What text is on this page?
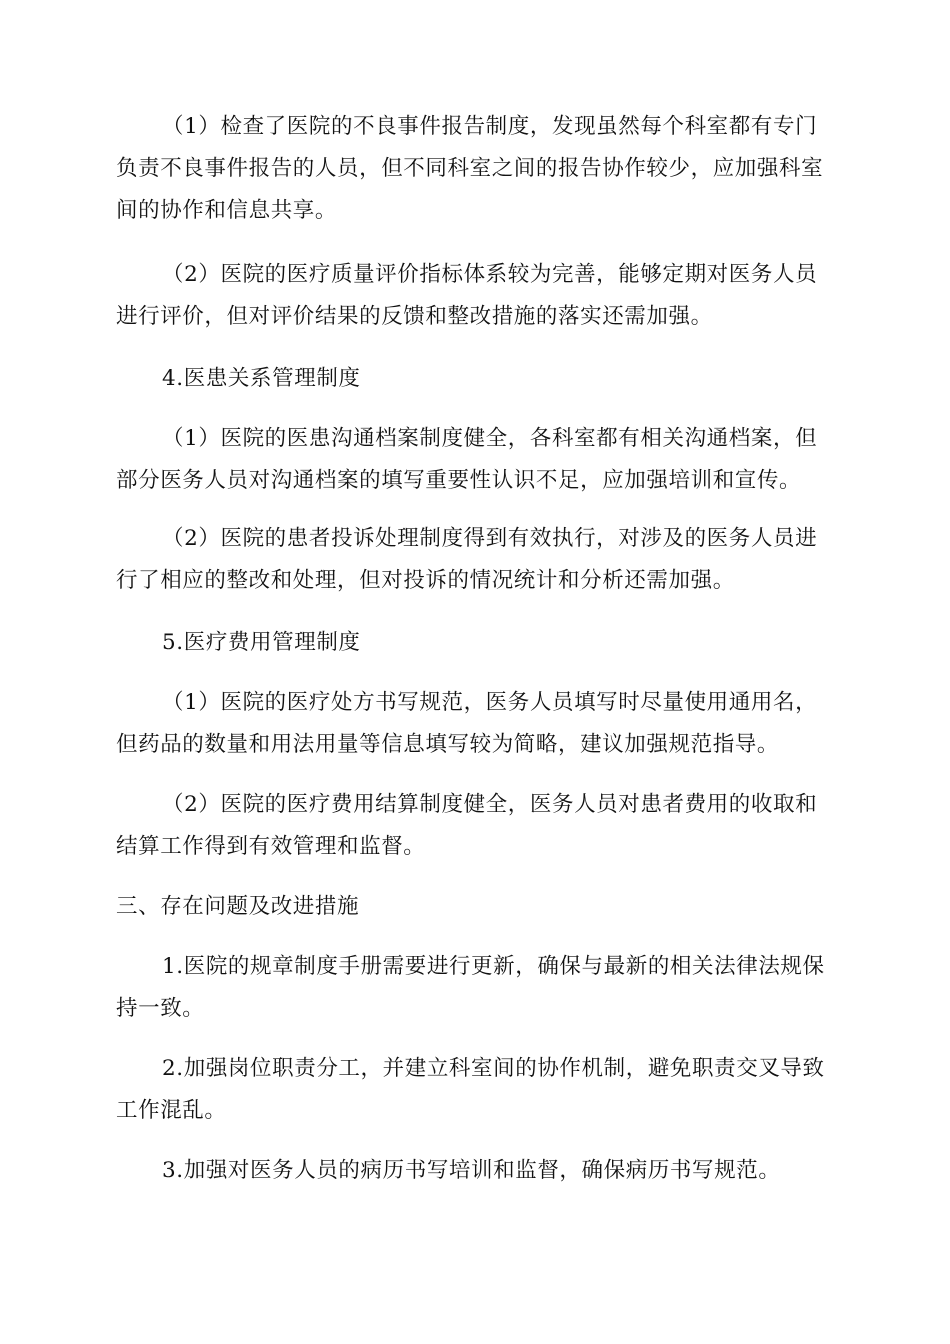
（1）检查了医院的不良事件报告制度，发现虽然每个科室都有专门负责不良事件报告的人员，但不同科室之间的报告协作较少，应加强科室间的协作和信息共享。

（2）医院的医疗质量评价指标体系较为完善，能够定期对医务人员进行评价，但对评价结果的反馈和整改措施的落实还需加强。

4.医患关系管理制度

（1）医院的医患沟通档案制度健全，各科室都有相关沟通档案，但部分医务人员对沟通档案的填写重要性认识不足，应加强培训和宣传。

（2）医院的患者投诉处理制度得到有效执行，对涉及的医务人员进行了相应的整改和处理，但对投诉的情况统计和分析还需加强。

5.医疗费用管理制度

（1）医院的医疗处方书写规范，医务人员填写时尽量使用通用名，但药品的数量和用法用量等信息填写较为简略，建议加强规范指导。

（2）医院的医疗费用结算制度健全，医务人员对患者费用的收取和结算工作得到有效管理和监督。

三、存在问题及改进措施

1.医院的规章制度手册需要进行更新，确保与最新的相关法律法规保持一致。

2.加强岗位职责分工，并建立科室间的协作机制，避免职责交叉导致工作混乱。

3.加强对医务人员的病历书写培训和监督，确保病历书写规范。
